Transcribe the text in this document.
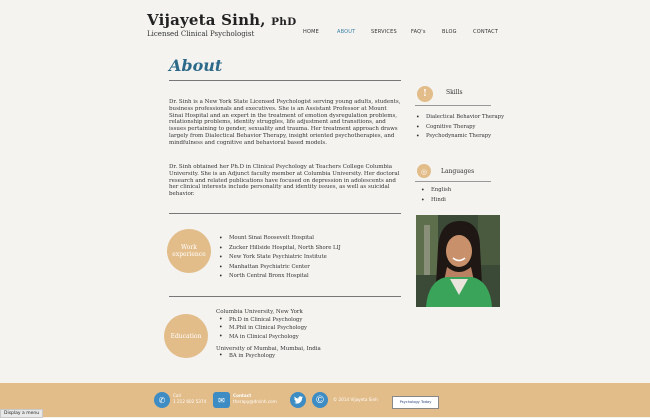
Vijayeta Sinh, PhD
Licensed Clinical Psychologist	HOME	ABOUT	SERVICES	FAQ's	BLOG	CONTACT
About
Dr. Sinh is a New York State Licensed Psychologist serving young adults, students, business professionals and executives. She is an Assistant Professor at Mount Sinai Hospital and an expert in the treatment of emotion dysregulation problems, relationship problems, identity struggles, life adjustment and transitions, and issues pertaining to gender, sexuality and trauma. Her treatment approach draws largely from Dialectical Behavior Therapy, insight oriented psychotherapies, and mindfulness and cognitive and behavioral based models.
Dr. Sinh obtained her Ph.D in Clinical Psychology at Teachers College Columbia University. She is an Adjunct faculty member at Columbia University. Her doctoral research and related publications have focused on depression in adolescents and her clinical interests include personality and identity issues, as well as suicidal behavior.
Work experience
• Mount Sinai Roosevelt Hospital
• Zucker Hillside Hospital, North Shore LIJ
• New York State Psychiatric Institute
• Manhattan Psychiatric Center
• North Central Bronx Hospital
Education
Columbia University, New York
• Ph.D in Clinical Psychology
• M.Phil in Clinical Psychology
• MA in Clinical Psychology
University of Mumbai, Mumbai, India
• BA in Psychology
!	Skills
• Dialectical Behavior Therapy
• Cognitive Therapy
• Psychodynamic Therapy
◎	Languages
• English
• Hindi
✆	Call
1 212 602 5374	✉	Contact
therapy@drsinh.com	©	© 2014 Vijayeta Sinh	Psychology Today
Display a menu
